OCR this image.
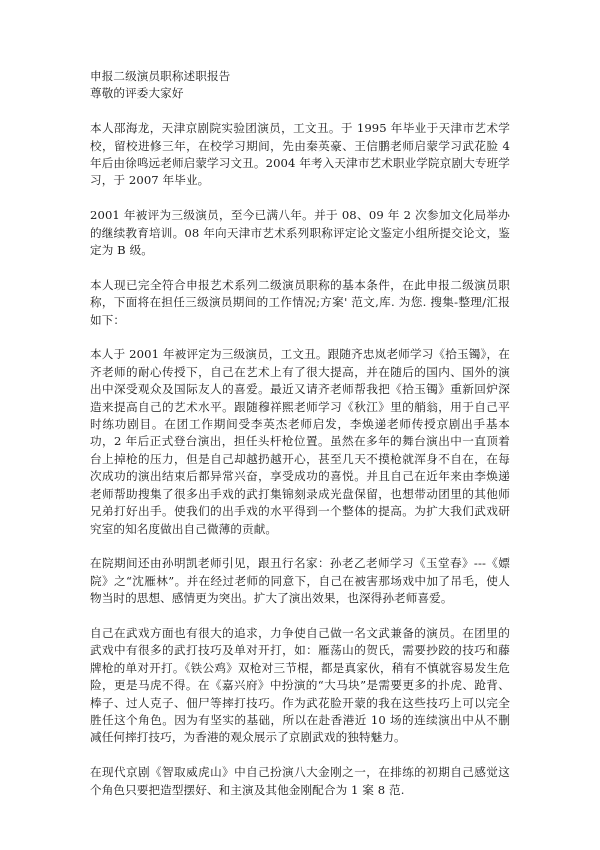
申报二级演员职称述职报告

尊敬的评委大家好

本人邵海龙，天津京剧院实验团演员，工文丑。于 1995 年毕业于天津市艺术学校，留校进修三年，在校学习期间，先由秦英豪、王信鹏老师启蒙学习武花脸 4 年后由徐鸣远老师启蒙学习文丑。2004 年考入天津市艺术职业学院京剧大专班学习，于 2007 年毕业。

2001 年被评为三级演员，至今已满八年。并于 08、09 年 2 次参加文化局举办的继续教育培训。08 年向天津市艺术系列职称评定论文鉴定小组所提交论文，鉴定为 B 级。

本人现已完全符合申报艺术系列二级演员职称的基本条件，在此申报二级演员职称，下面将在担任三级演员期间的工作情况;方案' 范文,库. 为您. 搜集-整理/汇报如下：

本人于 2001 年被评定为三级演员，工文丑。跟随齐忠岚老师学习《拾玉镯》，在齐老师的耐心传授下，自己在艺术上有了很大提高，并在随后的国内、国外的演出中深受观众及国际友人的喜爱。最近又请齐老师帮我把《拾玉镯》重新回炉深造来提高自己的艺术水平。跟随穆祥熙老师学习《秋江》里的艄翁，用于自己平时练功剧目。在团工作期间受李英杰老师启发，李焕递老师传授京剧出手基本功，2 年后正式登台演出，担任头杆枪位置。虽然在多年的舞台演出中一直顶着台上掉枪的压力，但是自己却越扔越开心，甚至几天不摸枪就浑身不自在，在每次成功的演出结束后都异常兴奋，享受成功的喜悦。并且自己在近年来由李焕递老师帮助搜集了很多出手戏的武打集锦刻录成光盘保留，也想带动团里的其他师兄弟打好出手。使我们的出手戏的水平得到一个整体的提高。为扩大我们武戏研究室的知名度做出自己微薄的贡献。

在院期间还由孙明凯老师引见，跟丑行名家：孙老乙老师学习《玉堂春》---《嫖院》之“沈雁林”。并在经过老师的同意下，自己在被害那场戏中加了吊毛，使人物当时的思想、感情更为突出。扩大了演出效果，也深得孙老师喜爱。

自己在武戏方面也有很大的追求，力争使自己做一名文武兼备的演员。在团里的武戏中有很多的武打技巧及单对开打，如：雁荡山的贺氏，需要抄跤的技巧和藤牌枪的单对开打。《铁公鸡》双枪对三节棍，都是真家伙，稍有不慎就容易发生危险，更是马虎不得。在《嘉兴府》中扮演的“大马块”是需要更多的扑虎、跄背、棒子、过人克子、佃尸等摔打技巧。作为武花脸开蒙的我在这些技巧上可以完全胜任这个角色。因为有坚实的基础，所以在赴香港近 10 场的连续演出中从不删减任何摔打技巧，为香港的观众展示了京剧武戏的独特魅力。

在现代京剧《智取威虎山》中自己扮演八大金刚之一，在排练的初期自己感觉这个角色只要把造型摆好、和主演及其他金刚配合为 1 案 8 范.
